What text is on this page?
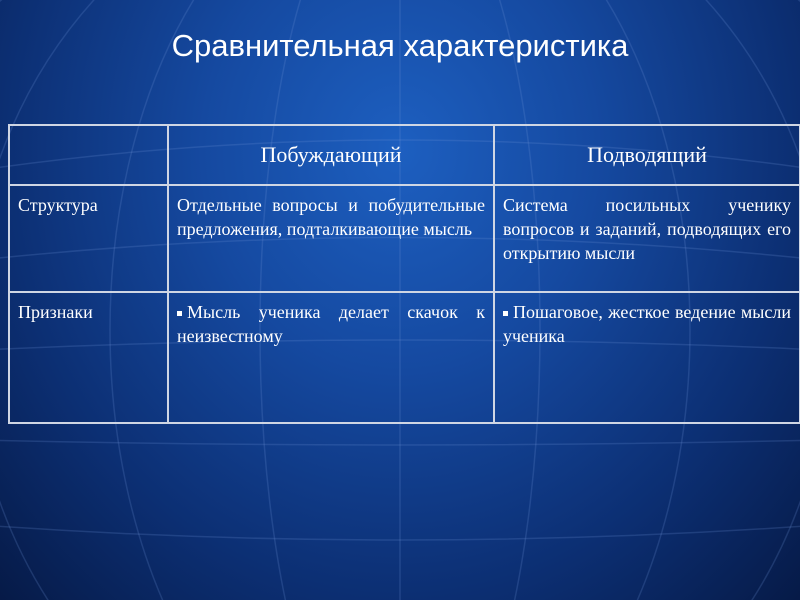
Сравнительная характеристика
	Побуждающий	Подводящий
Структура	Отдельные вопросы и побудительные предложения, подталкивающие мысль	Система посильных ученику вопросов и заданий, подводящих его открытию мысли
Признаки	Мысль ученика делает скачок к неизвестному	Пошаговое, жесткое ведение мысли ученика
